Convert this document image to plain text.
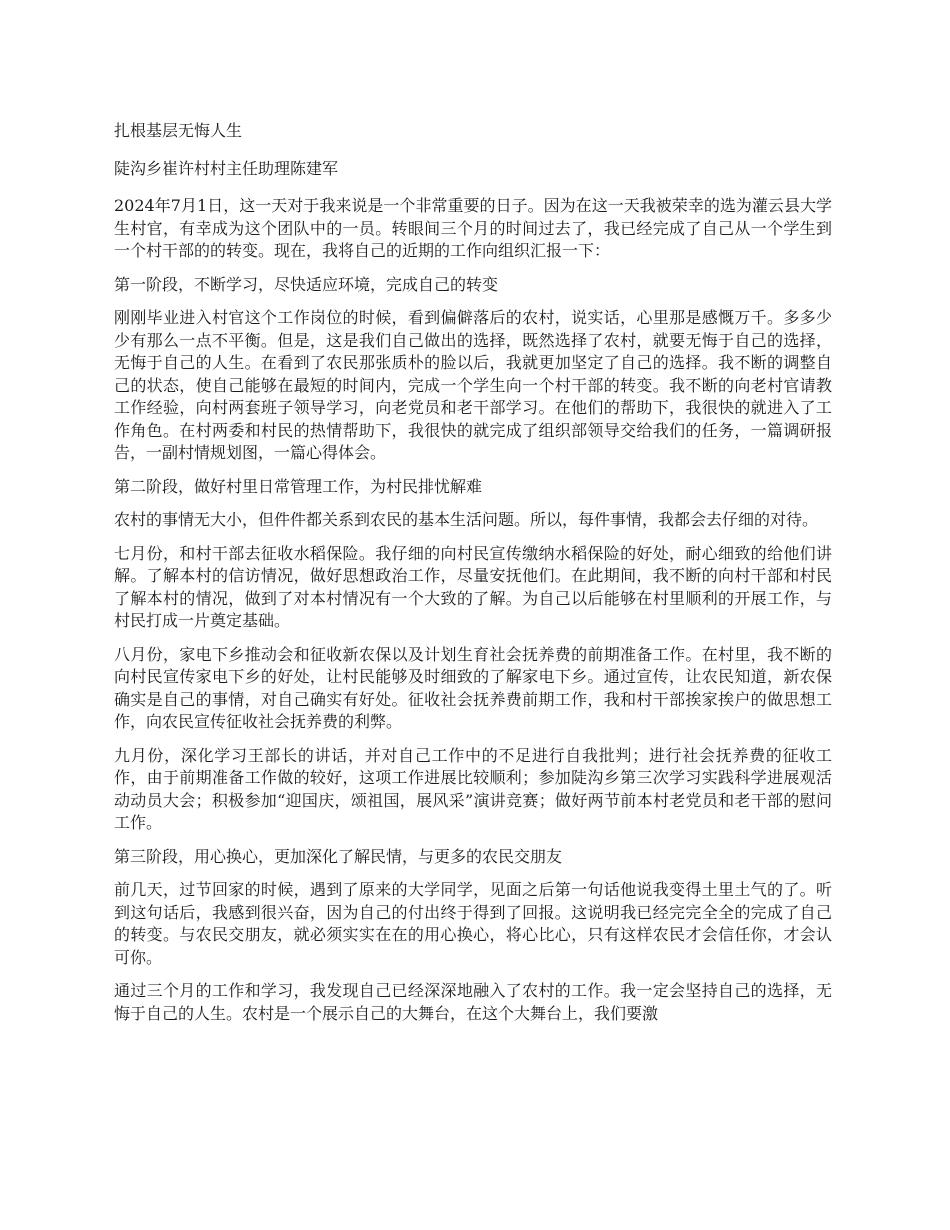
扎根基层无悔人生

陡沟乡崔许村村主任助理陈建军

2024年7月1日，这一天对于我来说是一个非常重要的日子。因为在这一天我被荣幸的选为灌云县大学生村官，有幸成为这个团队中的一员。转眼间三个月的时间过去了，我已经完成了自己从一个学生到一个村干部的的转变。现在，我将自己的近期的工作向组织汇报一下：

第一阶段，不断学习，尽快适应环境，完成自己的转变

刚刚毕业进入村官这个工作岗位的时候，看到偏僻落后的农村，说实话，心里那是感慨万千。多多少少有那么一点不平衡。但是，这是我们自己做出的选择，既然选择了农村，就要无悔于自己的选择，无悔于自己的人生。在看到了农民那张质朴的脸以后，我就更加坚定了自己的选择。我不断的调整自己的状态，使自己能够在最短的时间内，完成一个学生向一个村干部的转变。我不断的向老村官请教工作经验，向村两套班子领导学习，向老党员和老干部学习。在他们的帮助下，我很快的就进入了工作角色。在村两委和村民的热情帮助下，我很快的就完成了组织部领导交给我们的任务，一篇调研报告，一副村情规划图，一篇心得体会。

第二阶段，做好村里日常管理工作，为村民排忧解难

农村的事情无大小，但件件都关系到农民的基本生活问题。所以，每件事情，我都会去仔细的对待。

七月份，和村干部去征收水稻保险。我仔细的向村民宣传缴纳水稻保险的好处，耐心细致的给他们讲解。了解本村的信访情况，做好思想政治工作，尽量安抚他们。在此期间，我不断的向村干部和村民了解本村的情况，做到了对本村情况有一个大致的了解。为自己以后能够在村里顺利的开展工作，与村民打成一片奠定基础。

八月份，家电下乡推动会和征收新农保以及计划生育社会抚养费的前期准备工作。在村里，我不断的向村民宣传家电下乡的好处，让村民能够及时细致的了解家电下乡。通过宣传，让农民知道，新农保确实是自己的事情，对自己确实有好处。征收社会抚养费前期工作，我和村干部挨家挨户的做思想工作，向农民宣传征收社会抚养费的利弊。

九月份，深化学习王部长的讲话，并对自己工作中的不足进行自我批判；进行社会抚养费的征收工作，由于前期准备工作做的较好，这项工作进展比较顺利；参加陡沟乡第三次学习实践科学进展观活动动员大会；积极参加“迎国庆，颂祖国，展风采”演讲竞赛；做好两节前本村老党员和老干部的慰问工作。

第三阶段，用心换心，更加深化了解民情，与更多的农民交朋友

前几天，过节回家的时候，遇到了原来的大学同学，见面之后第一句话他说我变得土里土气的了。听到这句话后，我感到很兴奋，因为自己的付出终于得到了回报。这说明我已经完完全全的完成了自己的转变。与农民交朋友，就必须实实在在的用心换心，将心比心，只有这样农民才会信任你，才会认可你。

通过三个月的工作和学习，我发现自己已经深深地融入了农村的工作。我一定会坚持自己的选择，无悔于自己的人生。农村是一个展示自己的大舞台，在这个大舞台上，我们要激
